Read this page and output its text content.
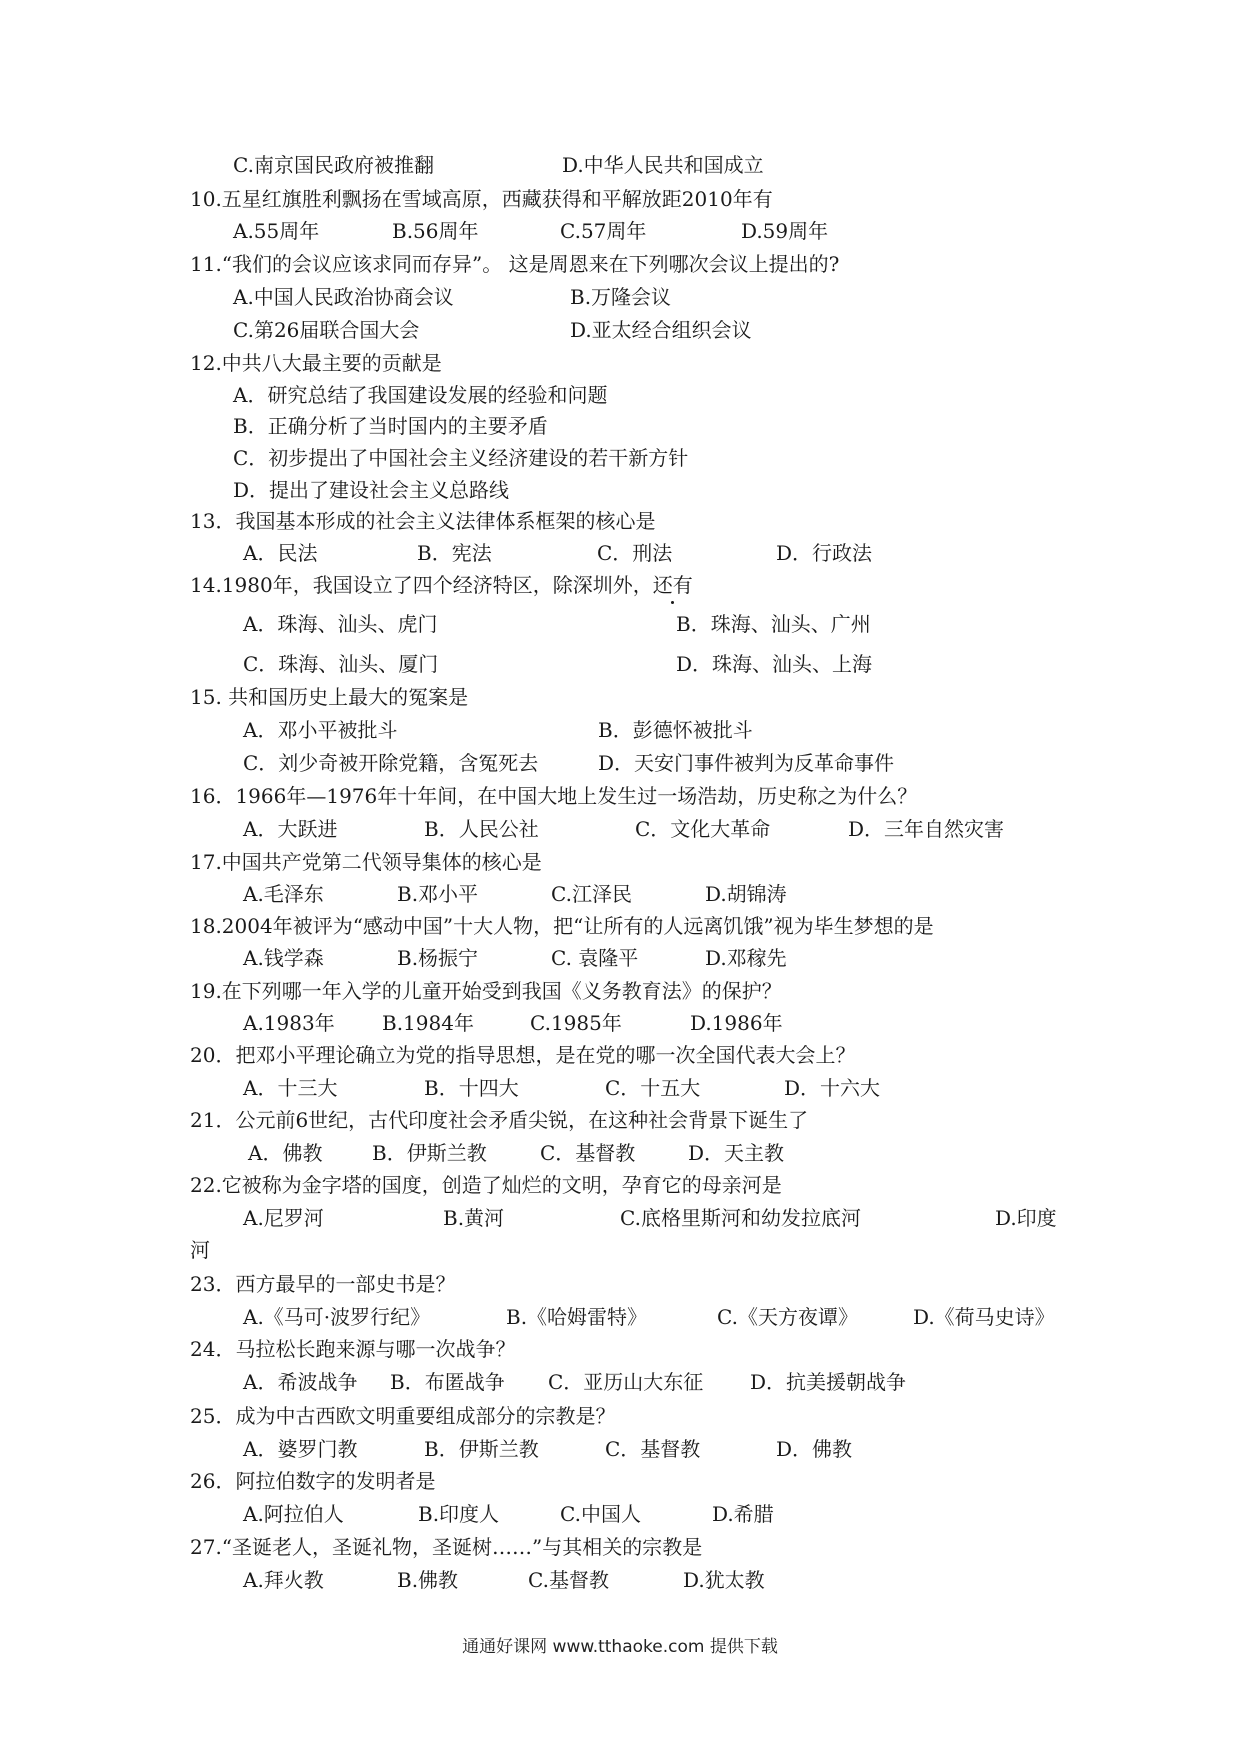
C.南京国民政府被推翻	D.中华人民共和国成立
10.五星红旗胜利飘扬在雪域高原，西藏获得和平解放距2010年有
A.55周年	B.56周年	C.57周年	D.59周年
11.“我们的会议应该求同而存异”。 这是周恩来在下列哪次会议上提出的?
A.中国人民政治协商会议	B.万隆会议
C.第26届联合国大会	D.亚太经合组织会议
12.中共八大最主要的贡献是
A．研究总结了我国建设发展的经验和问题
B．正确分析了当时国内的主要矛盾
C．初步提出了中国社会主义经济建设的若干新方针
D．提出了建设社会主义总路线
13．我国基本形成的社会主义法律体系框架的核心是
A．民法	B．宪法	C．刑法	D．行政法
14.1980年，我国设立了四个经济特区，除深圳外，还有
A．珠海、汕头、虎门	B．珠海、汕头、广州
C．珠海、汕头、厦门	D．珠海、汕头、上海
15. 共和国历史上最大的冤案是
A．邓小平被批斗	B．彭德怀被批斗
C．刘少奇被开除党籍，含冤死去	D．天安门事件被判为反革命事件
16．1966年—1976年十年间，在中国大地上发生过一场浩劫，历史称之为什么？
A．大跃进	B．人民公社	C．文化大革命	D．三年自然灾害
17.中国共产党第二代领导集体的核心是
A.毛泽东	B.邓小平	C.江泽民	D.胡锦涛
18.2004年被评为“感动中国”十大人物，把“让所有的人远离饥饿”视为毕生梦想的是
A.钱学森	B.杨振宁	C. 袁隆平	D.邓稼先
19.在下列哪一年入学的儿童开始受到我国《义务教育法》的保护？
A.1983年 B.1984年	C.1985年	D.1986年
20．把邓小平理论确立为党的指导思想，是在党的哪一次全国代表大会上？
A．十三大	B．十四大	C．十五大	D．十六大
21．公元前6世纪，古代印度社会矛盾尖锐，在这种社会背景下诞生了
A．佛教 B．伊斯兰教	C．基督教	D．天主教
22.它被称为金字塔的国度，创造了灿烂的文明，孕育它的母亲河是
A.尼罗河	B.黄河	C.底格里斯河和幼发拉底河	D.印度
河
23．西方最早的一部史书是？
A.《马可·波罗行纪》	B.《哈姆雷特》	C.《天方夜谭》	D.《荷马史诗》
24．马拉松长跑来源与哪一次战争？
A．希波战争 B．布匿战争 C．亚历山大东征 D．抗美援朝战争
25．成为中古西欧文明重要组成部分的宗教是？
A．婆罗门教	B．伊斯兰教	C．基督教	D．佛教
26．阿拉伯数字的发明者是
A.阿拉伯人	B.印度人	C.中国人	D.希腊
27.“圣诞老人，圣诞礼物，圣诞树……”与其相关的宗教是
A.拜火教	B.佛教	C.基督教	D.犹太教
通通好课网 www.tthaoke.com 提供下载
